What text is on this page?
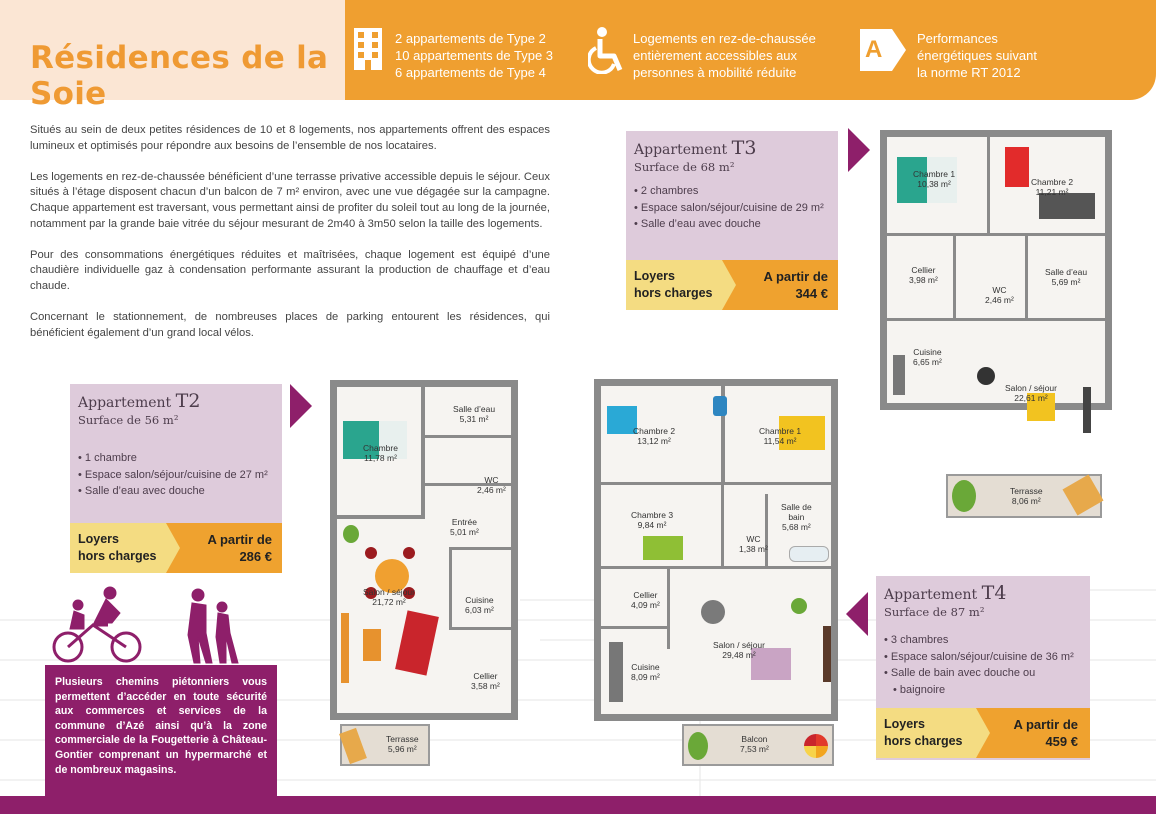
Résidences de la Soie
2 appartements de Type 2
10 appartements de Type 3
6 appartements de Type 4
Logements en rez-de-chaussée
entièrement accessibles aux
personnes à mobilité réduite
A	Performances
énergétiques suivant
la norme RT 2012

Situés au sein de deux petites résidences de 10 et 8 logements, nos appartements offrent des espaces lumineux et optimisés pour répondre aux besoins de l’ensemble de nos locataires.

Les logements en rez-de-chaussée bénéficient d’une terrasse privative accessible depuis le séjour. Ceux situés à l’étage disposent chacun d’un balcon de 7 m² environ, avec une vue dégagée sur la campagne. Chaque appartement est traversant, vous permettant ainsi de profiter du soleil tout au long de la journée, notamment par la grande baie vitrée du séjour mesurant de 2m40 à 3m50 selon la taille des logements.

Pour des consommations énergétiques réduites et maîtrisées, chaque logement est équipé d’une chaudière individuelle gaz à condensation performante assurant la production de chauffage et d’eau chaude.

Concernant le stationnement, de nombreuses places de parking entourent les résidences, qui bénéficient également d’un grand local vélos.

Appartement T3
Surface de 68 m²
• 2 chambres
• Espace salon/séjour/cuisine de 29 m²
• Salle d’eau avec douche
Loyers
hors charges
A partir de
344 €
Appartement T2
Surface de 56 m²
• 1 chambre
• Espace salon/séjour/cuisine de 27 m²
• Salle d’eau avec douche
Loyers
hors charges
A partir de
286 €
Appartement T4
Surface de 87 m²
• 3 chambres
• Espace salon/séjour/cuisine de 36 m²
• Salle de bain avec douche ou
• baignoire
Loyers
hors charges
A partir de
459 €
Chambre
11,78 m²
Salle d’eau
5,31 m²
WC
2,46 m²
Entrée
5,01 m²
Salon / séjour
21,72 m²	Cuisine
6,03 m²
Cellier
3,58 m²
Terrasse
5,96 m²
Chambre 2
13,12 m²
Chambre 1
11,54 m²
Chambre 3
9,84 m²
Salle de
bain
5,68 m²
WC
1,38 m²
Cellier
4,09 m²
Salon / séjour
29,48 m²
Cuisine
8,09 m²
Balcon
7,53 m²
Chambre 1
10,38 m²	Chambre 2
11,21 m²
Cellier
3,98 m²
WC
2,46 m²
Salle d’eau
5,69 m²
Cuisine
6,65 m²
Salon / séjour
22,61 m²
Terrasse
8,06 m²
Plusieurs chemins piétonniers vous permettent d’accéder en toute sécurité aux commerces et services de la commune d’Azé ainsi qu’à la zone commerciale de la Fougetterie à Château-Gontier comprenant un hypermarché et de nombreux magasins.
